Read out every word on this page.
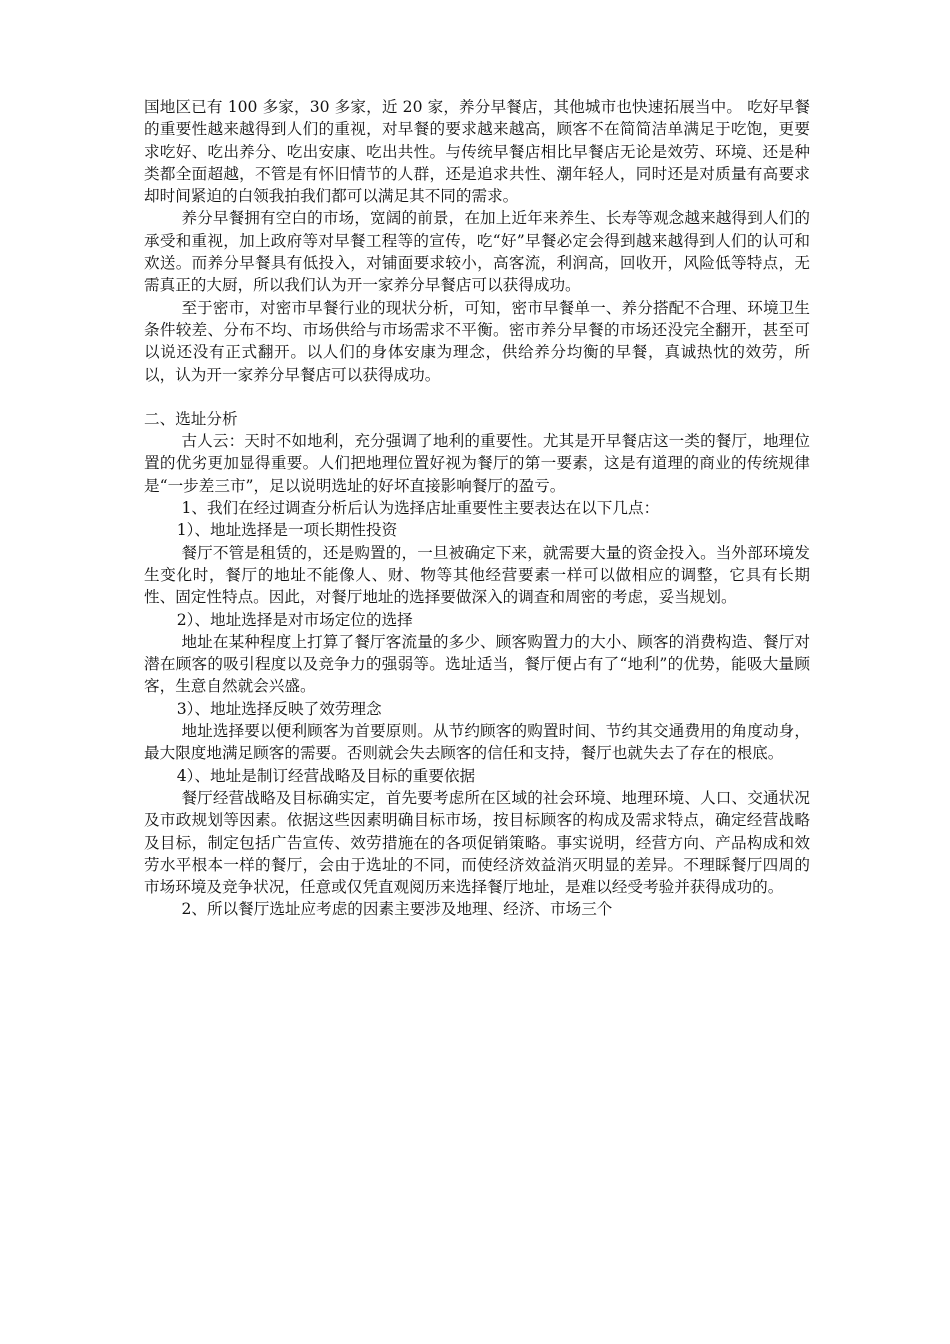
国地区已有 100 多家，30 多家，近 20 家，养分早餐店，其他城市也快速拓展当中。 吃好早餐的重要性越来越得到人们的重视，对早餐的要求越来越高，顾客不在简简洁单满足于吃饱，更要求吃好、吃出养分、吃出安康、吃出共性。与传统早餐店相比早餐店无论是效劳、环境、还是种类都全面超越，不管是有怀旧情节的人群，还是追求共性、潮年轻人，同时还是对质量有高要求却时间紧迫的白领我拍我们都可以满足其不同的需求。

养分早餐拥有空白的市场，宽阔的前景，在加上近年来养生、长寿等观念越来越得到人们的承受和重视，加上政府等对早餐工程等的宣传，吃“好”早餐必定会得到越来越得到人们的认可和欢送。而养分早餐具有低投入，对铺面要求较小，高客流，利润高，回收开，风险低等特点，无需真正的大厨，所以我们认为开一家养分早餐店可以获得成功。

至于密市，对密市早餐行业的现状分析，可知，密市早餐单一、养分搭配不合理、环境卫生条件较差、分布不均、市场供给与市场需求不平衡。密市养分早餐的市场还没完全翻开，甚至可以说还没有正式翻开。以人们的身体安康为理念，供给养分均衡的早餐，真诚热忱的效劳，所以，认为开一家养分早餐店可以获得成功。

二、选址分析

古人云：天时不如地利，充分强调了地利的重要性。尤其是开早餐店这一类的餐厅，地理位置的优劣更加显得重要。人们把地理位置好视为餐厅的第一要素，这是有道理的商业的传统规律是“一步差三市”，足以说明选址的好坏直接影响餐厅的盈亏。

1、我们在经过调查分析后认为选择店址重要性主要表达在以下几点：

1）、地址选择是一项长期性投资

餐厅不管是租赁的，还是购置的，一旦被确定下来，就需要大量的资金投入。当外部环境发生变化时，餐厅的地址不能像人、财、物等其他经营要素一样可以做相应的调整，它具有长期性、固定性特点。因此，对餐厅地址的选择要做深入的调查和周密的考虑，妥当规划。

2）、地址选择是对市场定位的选择

地址在某种程度上打算了餐厅客流量的多少、顾客购置力的大小、顾客的消费构造、餐厅对潜在顾客的吸引程度以及竞争力的强弱等。选址适当，餐厅便占有了“地利”的优势，能吸大量顾客，生意自然就会兴盛。

3）、地址选择反映了效劳理念

地址选择要以便利顾客为首要原则。从节约顾客的购置时间、节约其交通费用的角度动身，最大限度地满足顾客的需要。否则就会失去顾客的信任和支持，餐厅也就失去了存在的根底。

4）、地址是制订经营战略及目标的重要依据

餐厅经营战略及目标确实定，首先要考虑所在区域的社会环境、地理环境、人口、交通状况及市政规划等因素。依据这些因素明确目标市场，按目标顾客的构成及需求特点，确定经营战略及目标，制定包括广告宣传、效劳措施在的各项促销策略。事实说明，经营方向、产品构成和效劳水平根本一样的餐厅，会由于选址的不同，而使经济效益消灭明显的差异。不理睬餐厅四周的市场环境及竞争状况，任意或仅凭直观阅历来选择餐厅地址，是难以经受考验并获得成功的。

2、所以餐厅选址应考虑的因素主要涉及地理、经济、市场三个
